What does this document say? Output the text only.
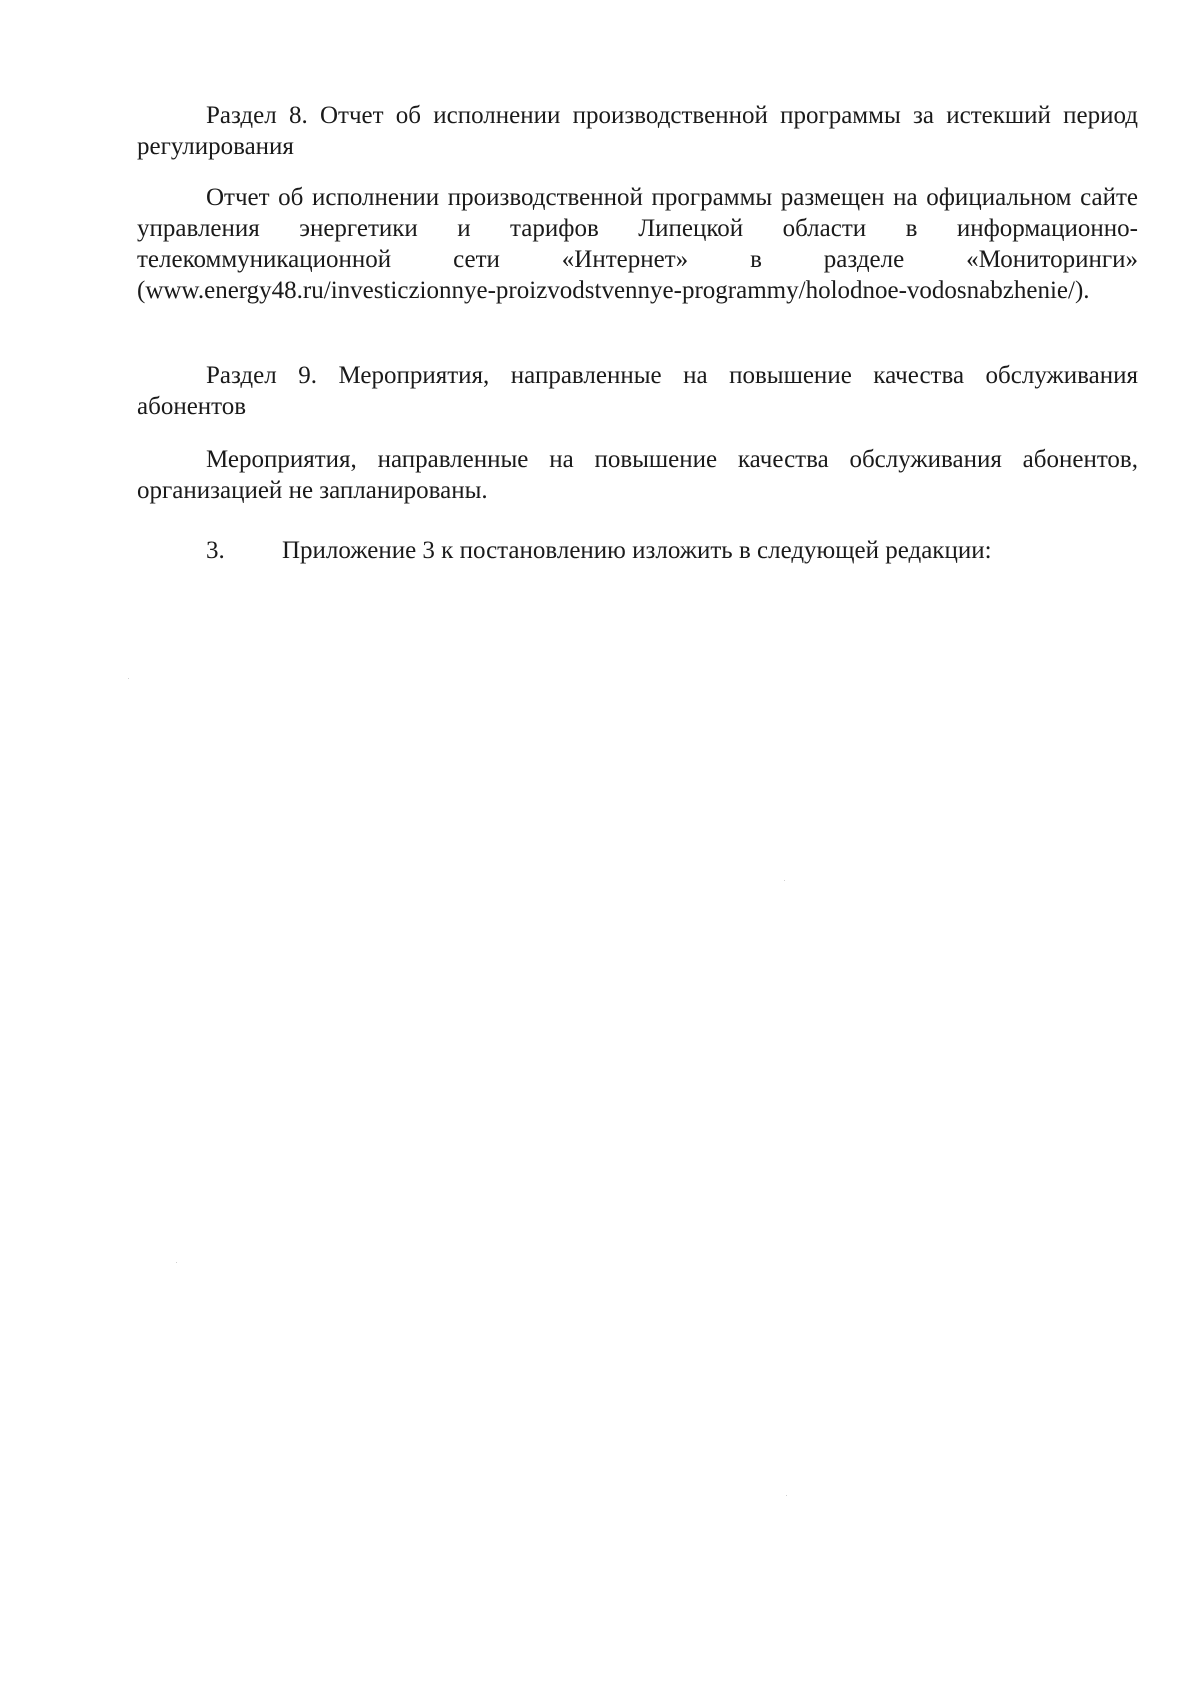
Раздел 8. Отчет об исполнении производственной программы за истекший период регулирования

Отчет об исполнении производственной программы размещен на официальном сайте управления энергетики и тарифов Липецкой области в информационно-телекоммуникационной сети «Интернет» в разделе «Мониторинги» (www.energy48.ru/investiczionnye-proizvodstvennye-programmy/holodnoe-vodosnabzhenie/).

Раздел 9. Мероприятия, направленные на повышение качества обслуживания абонентов

Мероприятия, направленные на повышение качества обслуживания абонентов, организацией не запланированы.

3. Приложение 3 к постановлению изложить в следующей редакции:
